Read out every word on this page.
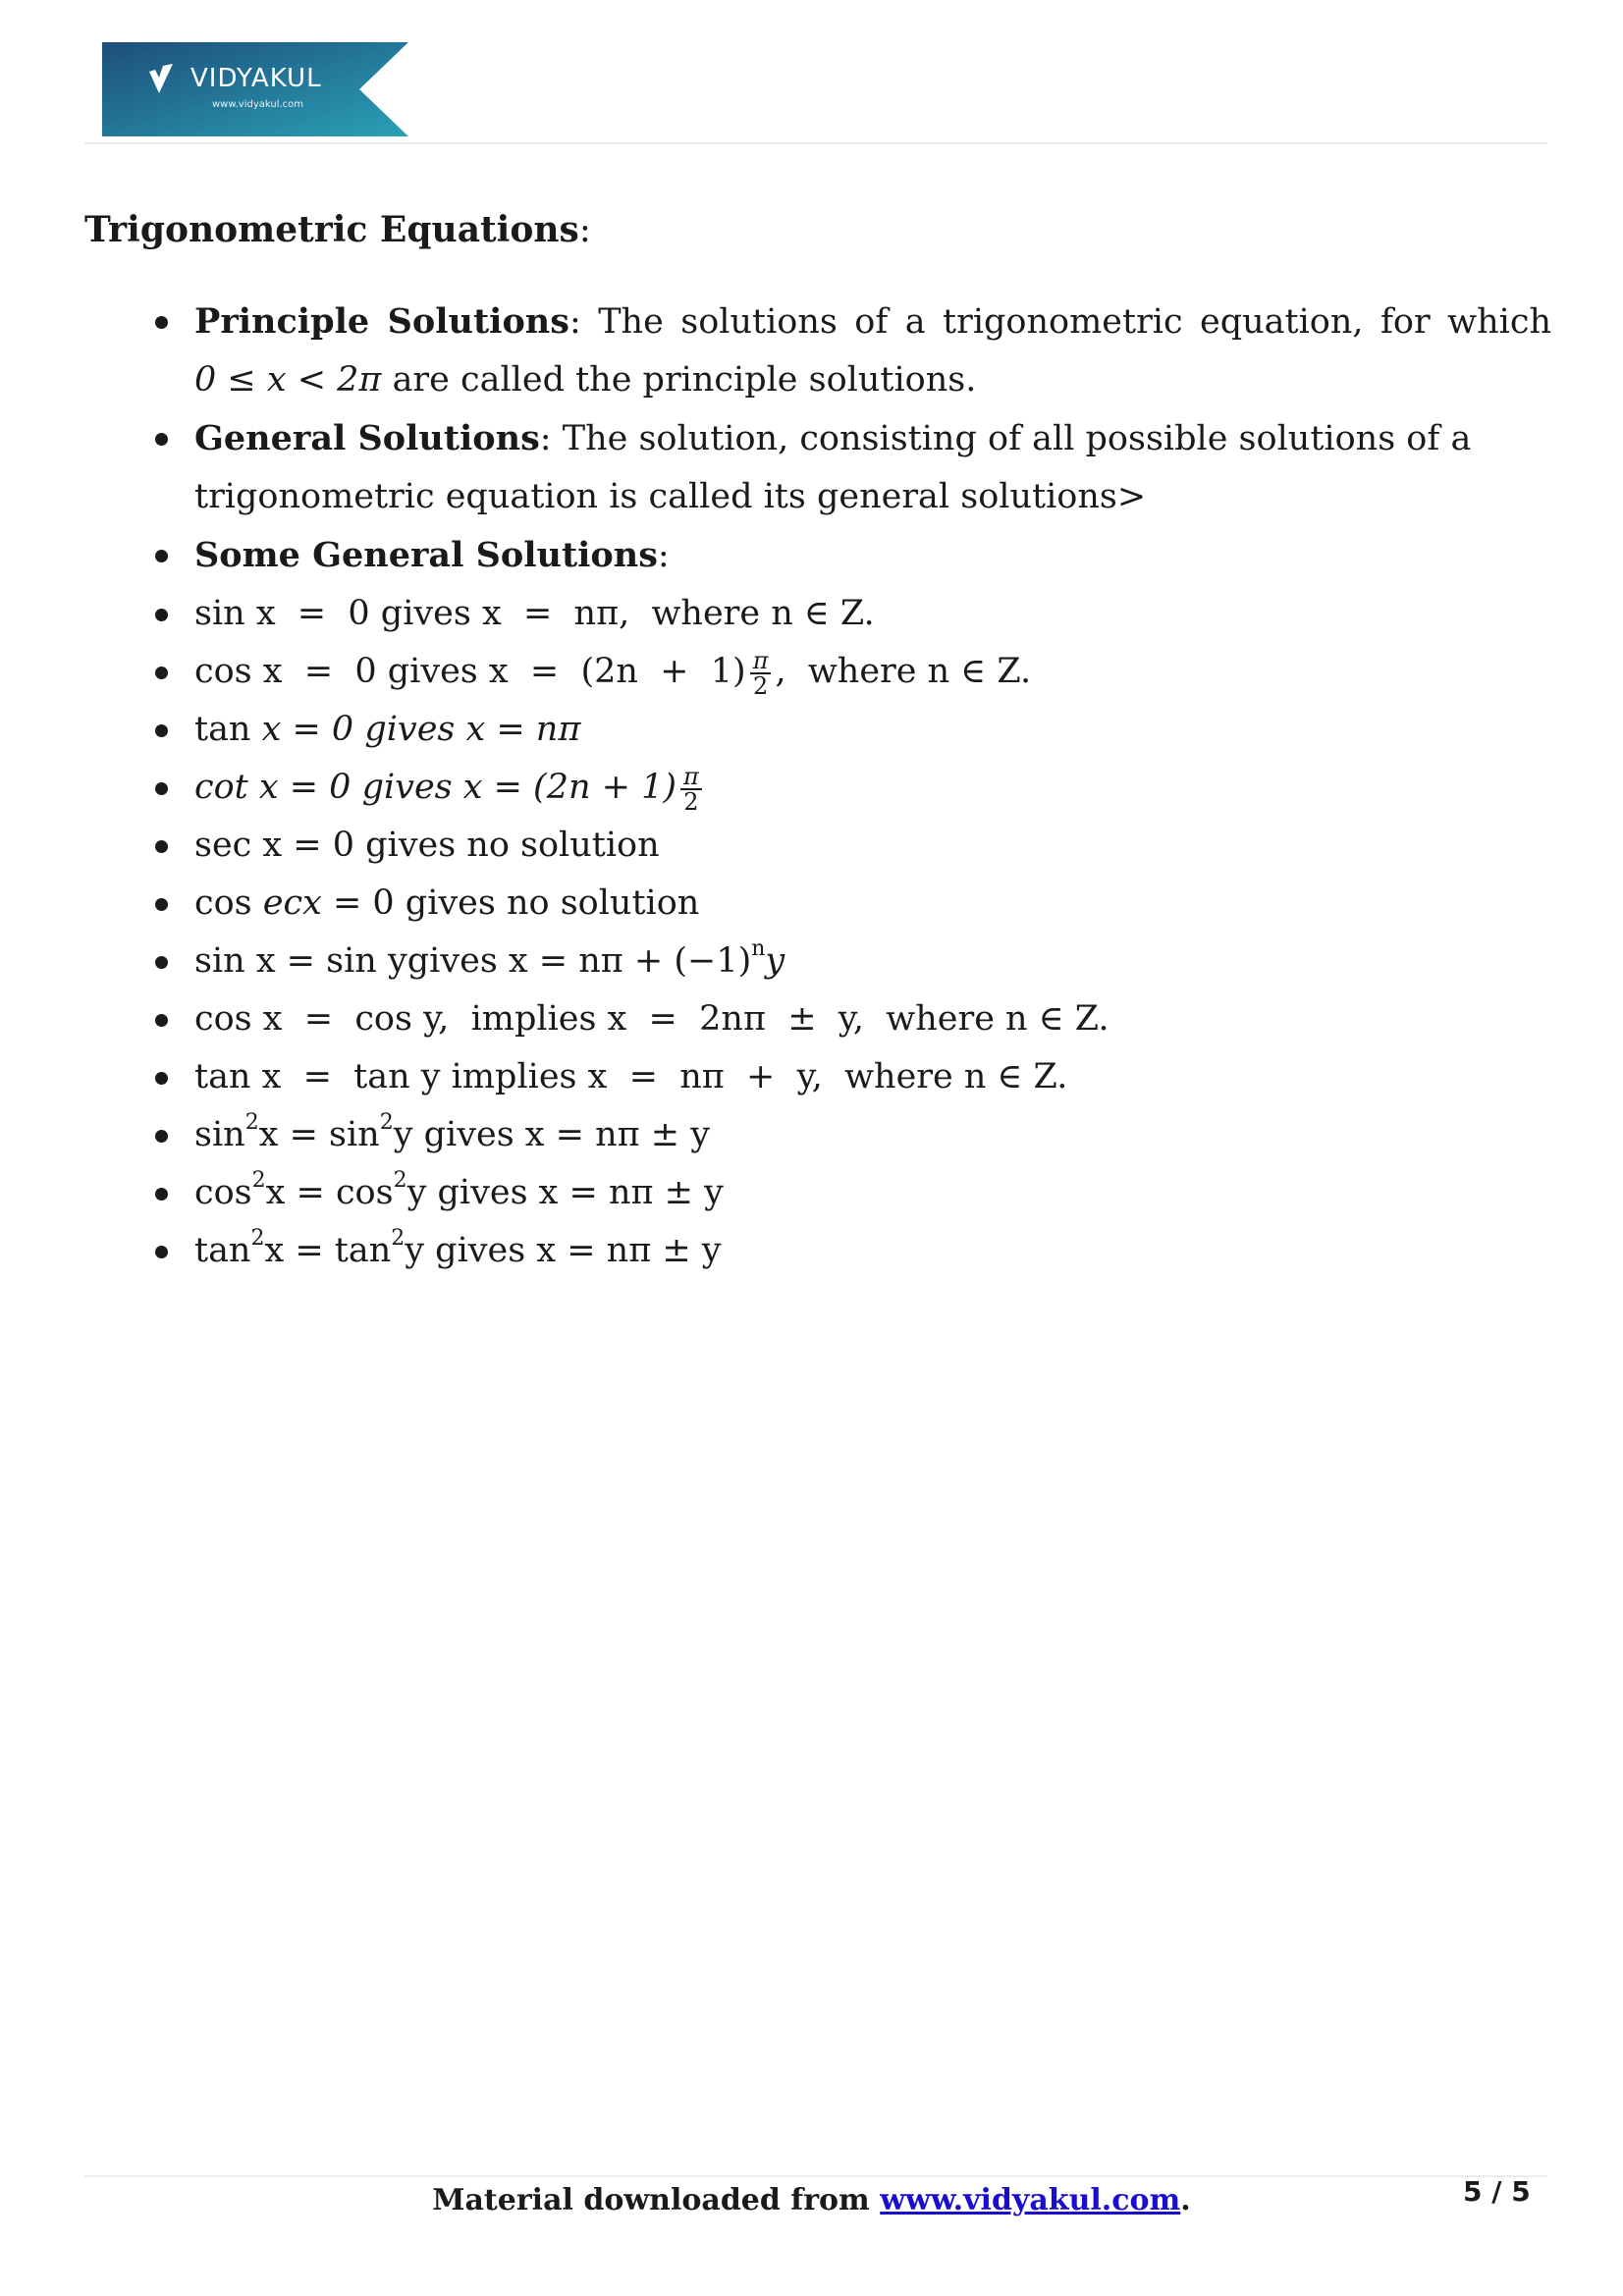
VIDYAKUL
www.vidyakul.com
Trigonometric Equations:
Principle Solutions: The solutions of a trigonometric equation, for which
0 ≤ x < 2π are called the principle solutions.
General Solutions: The solution, consisting of all possible solutions of a trigonometric equation is called its general solutions>
Some General Solutions:
sin x  =  0 gives x  =  nπ,  where n ∈ Z.
cos x  =  0 gives $x = (2n + 1) \frac{\pi}{2}$ ,  where n ∈ Z.
tan x = 0 gives x = nπ
cot x = 0 gives $x = (2n + 1) \frac{\pi}{2}$
sec x = 0 gives no solution
cos ecx = 0 gives no solution
sin x = sin ygives $x = n\pi + (-1)^ny$
cos x  =  cos y,  implies x  =  2nπ  ±  y,  where n ∈ Z.
tan x  =  tan y implies x  =  nπ  +  y,  where n ∈ Z.
$\sin^2x = \sin^2y$ gives x = nπ ± y
$\cos^2x = \cos^2y$ gives x = nπ ± y
$\tan^2x = \tan^2y$ gives x = nπ ± y
Material downloaded from www.vidyakul.com.	5 / 5
